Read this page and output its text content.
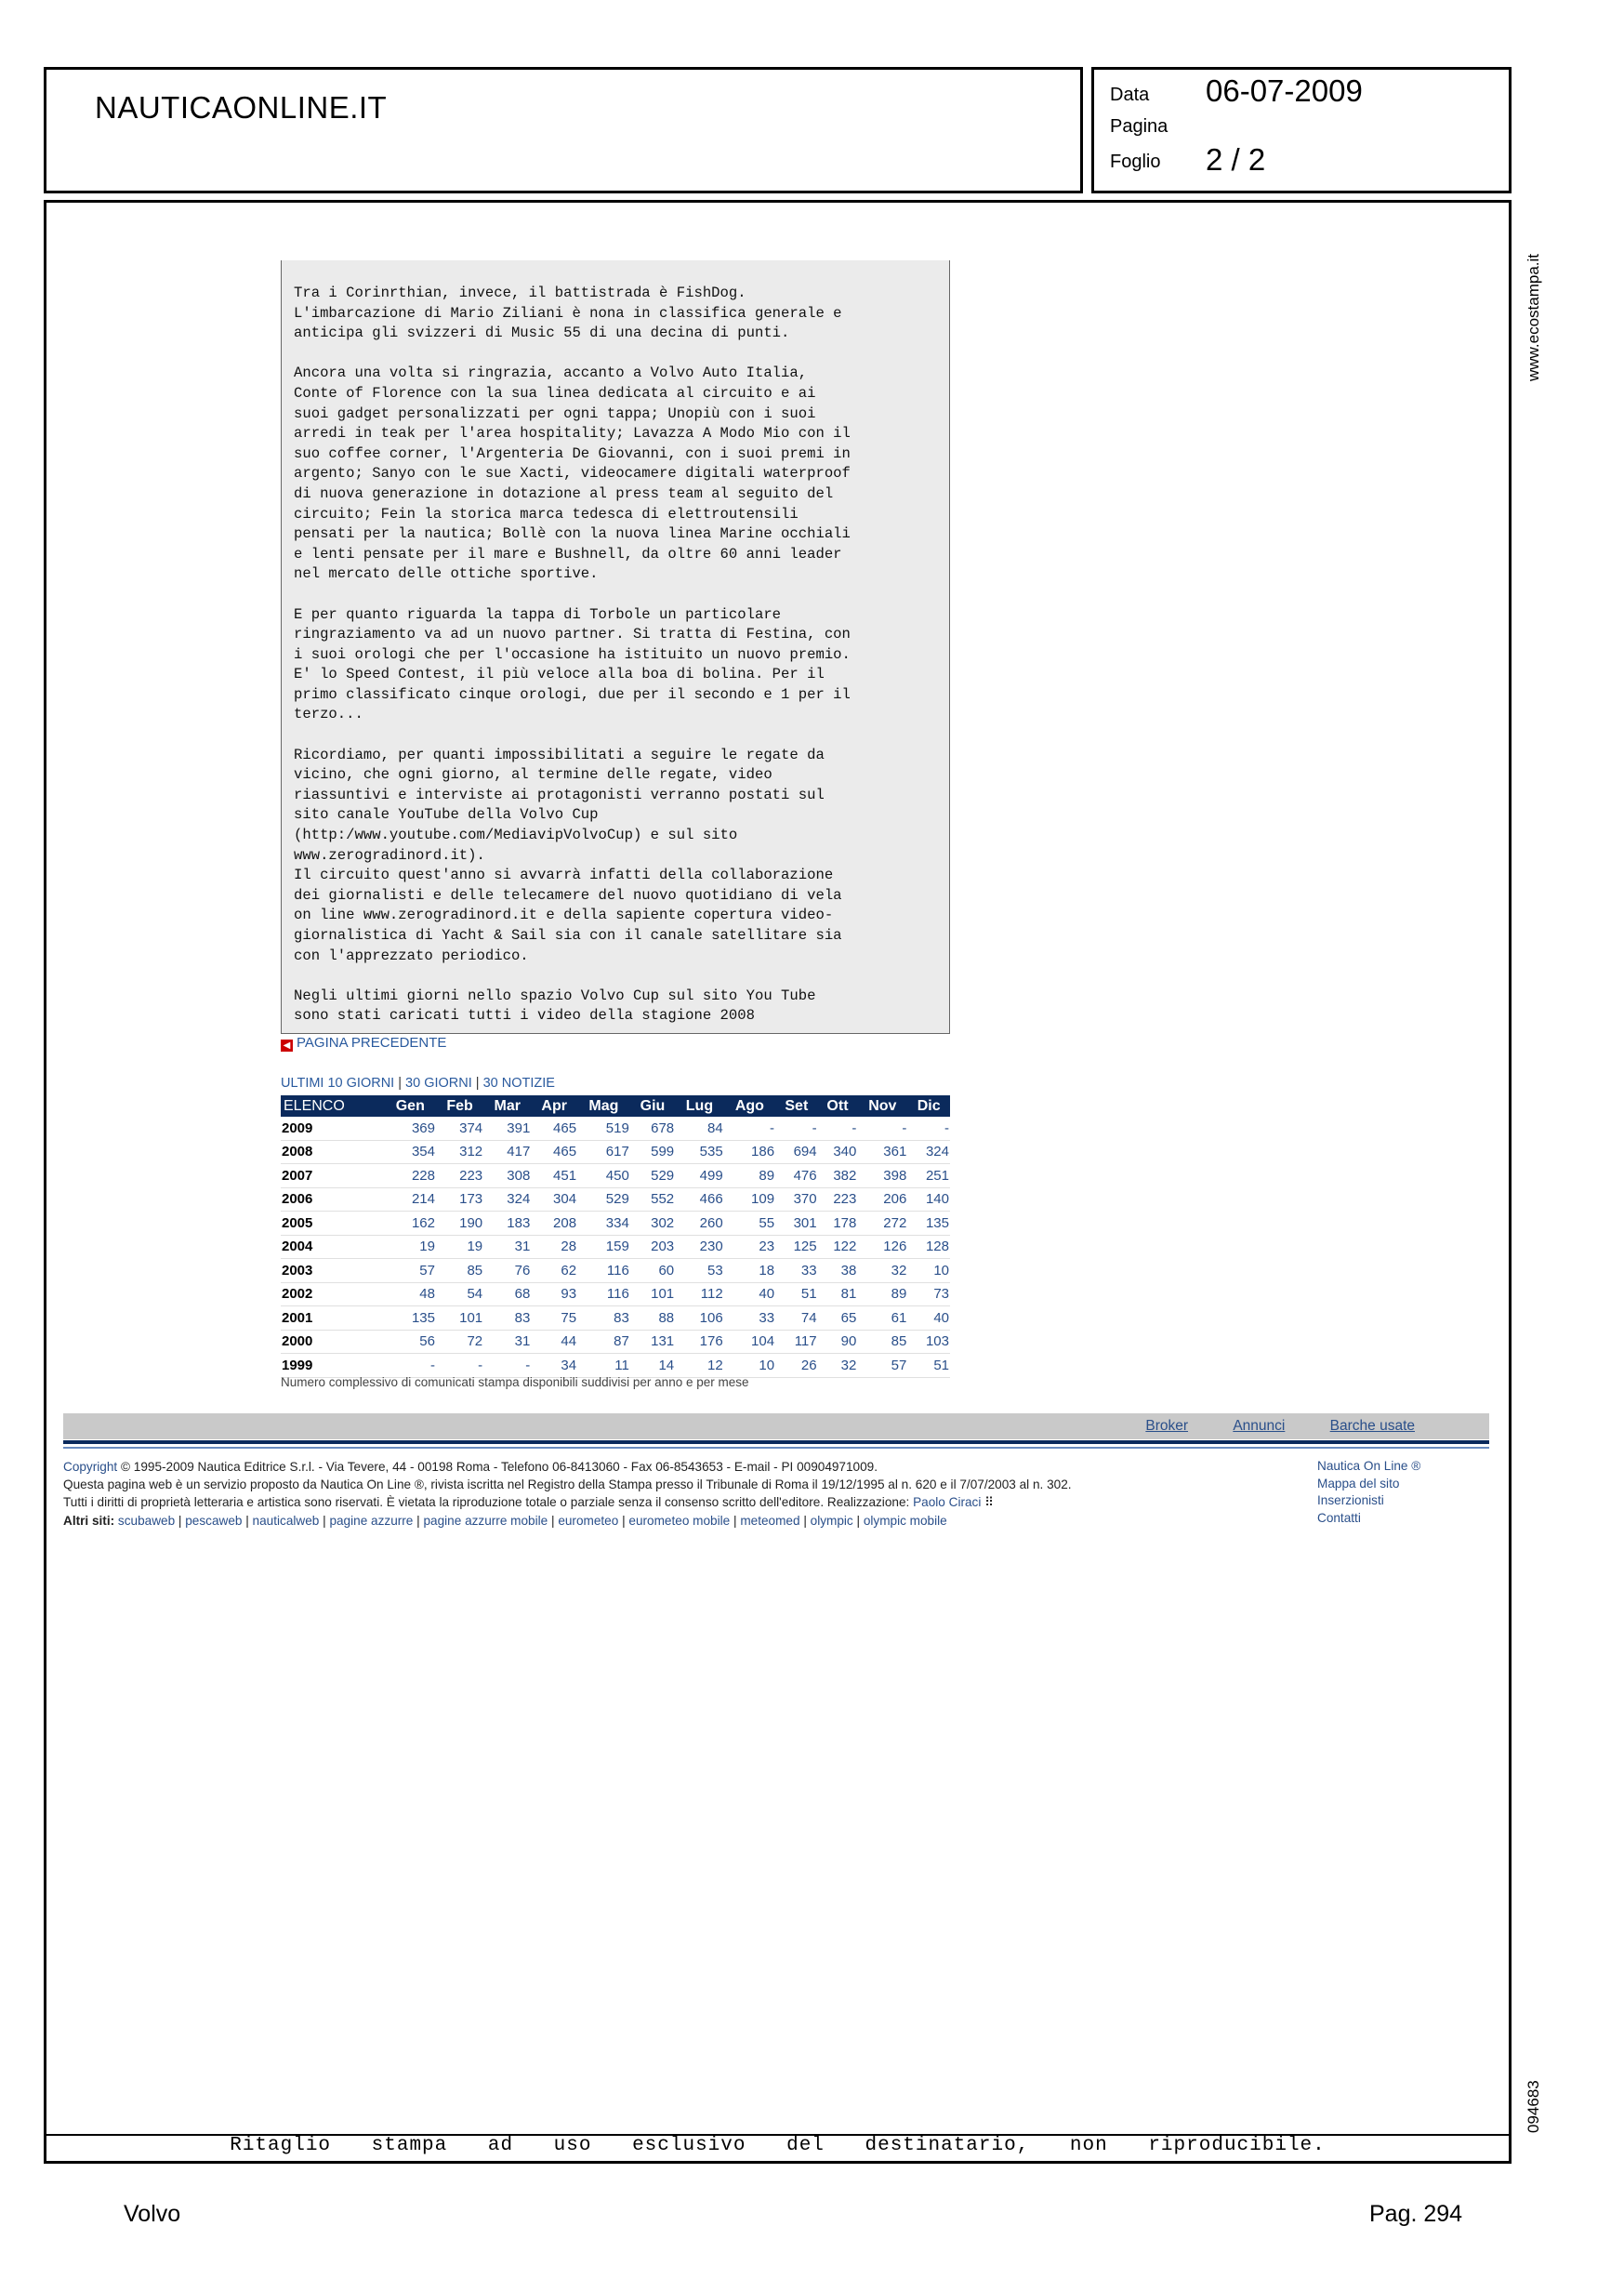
NAUTICAONLINE.IT	Data 06-07-2009
Pagina
Foglio 2 / 2
www.ecostampa.it
094683
Ritaglio stampa ad uso esclusivo del destinatario, non riproducibile.

Tra i Corinrthian, invece, il battistrada è FishDog.
L'imbarcazione di Mario Ziliani è nona in classifica generale e
anticipa gli svizzeri di Music 55 di una decina di punti.

Ancora una volta si ringrazia, accanto a Volvo Auto Italia,
Conte of Florence con la sua linea dedicata al circuito e ai
suoi gadget personalizzati per ogni tappa; Unopiù con i suoi
arredi in teak per l'area hospitality; Lavazza A Modo Mio con il
suo coffee corner, l'Argenteria De Giovanni, con i suoi premi in
argento; Sanyo con le sue Xacti, videocamere digitali waterproof
di nuova generazione in dotazione al press team al seguito del
circuito; Fein la storica marca tedesca di elettroutensili
pensati per la nautica; Bollè con la nuova linea Marine occhiali
e lenti pensate per il mare e Bushnell, da oltre 60 anni leader
nel mercato delle ottiche sportive.

E per quanto riguarda la tappa di Torbole un particolare
ringraziamento va ad un nuovo partner. Si tratta di Festina, con
i suoi orologi che per l'occasione ha istituito un nuovo premio.
E' lo Speed Contest, il più veloce alla boa di bolina. Per il
primo classificato cinque orologi, due per il secondo e 1 per il
terzo...

Ricordiamo, per quanti impossibilitati a seguire le regate da
vicino, che ogni giorno, al termine delle regate, video
riassuntivi e interviste ai protagonisti verranno postati sul
sito canale YouTube della Volvo Cup
(http:/www.youtube.com/MediavipVolvoCup) e sul sito
www.zerogradinord.it).

Il circuito quest'anno si avvarrà infatti della collaborazione
dei giornalisti e delle telecamere del nuovo quotidiano di vela
on line www.zerogradinord.it e della sapiente copertura video-
giornalistica di Yacht & Sail sia con il canale satellitare sia
con l'apprezzato periodico.

Negli ultimi giorni nello spazio Volvo Cup sul sito You Tube
sono stati caricati tutti i video della stagione 2008

◀ PAGINA PRECEDENTE
ULTIMI 10 GIORNI | 30 GIORNI | 30 NOTIZIE
ELENCO	Gen	Feb	Mar	Apr	Mag	Giu	Lug	Ago	Set	Ott	Nov	Dic
2009	369	374	391	465	519	678	84	-	-	-	-	-
2008	354	312	417	465	617	599	535	186	694	340	361	324
2007	228	223	308	451	450	529	499	89	476	382	398	251
2006	214	173	324	304	529	552	466	109	370	223	206	140
2005	162	190	183	208	334	302	260	55	301	178	272	135
2004	19	19	31	28	159	203	230	23	125	122	126	128
2003	57	85	76	62	116	60	53	18	33	38	32	10
2002	48	54	68	93	116	101	112	40	51	81	89	73
2001	135	101	83	75	83	88	106	33	74	65	61	40
2000	56	72	31	44	87	131	176	104	117	90	85	103
1999	-	-	-	34	11	14	12	10	26	32	57	51
Numero complessivo di comunicati stampa disponibili suddivisi per anno e per mese
Broker	Annunci	Barche usate
Copyright © 1995-2009 Nautica Editrice S.r.l. - Via Tevere, 44 - 00198 Roma - Telefono 06-8413060 - Fax 06-8543653 - E-mail - PI 00904971009.
Questa pagina web è un servizio proposto da Nautica On Line ®, rivista iscritta nel Registro della Stampa presso il Tribunale di Roma il 19/12/1995 al n. 620 e il 7/07/2003 al n. 302.
Tutti i diritti di proprietà letteraria e artistica sono riservati. È vietata la riproduzione totale o parziale senza il consenso scritto dell'editore. Realizzazione: Paolo Ciraci ⠿
Altri siti: scubaweb | pescaweb | nauticalweb | pagine azzurre | pagine azzurre mobile | eurometeo | eurometeo mobile | meteomed | olympic | olympic mobile
Nautica On Line ®
Mappa del sito
Inserzionisti
Contatti
Volvo	Pag. 294
